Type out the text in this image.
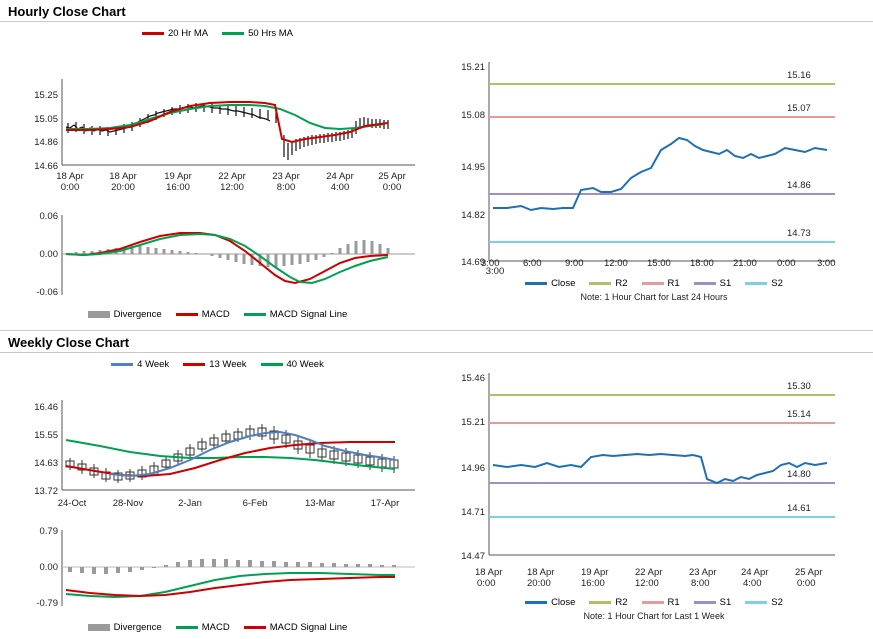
Hourly Close Chart
20 Hr MA	50 Hrs MA
15.25
15.05
14.86
14.66
18 Apr
0:00
18 Apr
20:00
19 Apr
16:00
22 Apr
12:00
23 Apr
8:00
24 Apr
4:00
25 Apr
0:00
0.06
0.00
-0.06
Divergence	MACD	MACD Signal Line
15.21
15.08
14.95
14.82
14.69
15.16
15.07
14.86
14.73
3:00
3:00 6:00 9:00 12:00 15:00 18:00 21:00 0:00 3:00
Close	R2	R1	S1	S2
Note: 1 Hour Chart for Last 24 Hours
Weekly Close Chart
4 Week	13 Week	40 Week
16.46
15.55
14.63
13.72
24-Oct	28-Nov	2-Jan	6-Feb	13-Mar	17-Apr
0.79
0.00
-0.79
Divergence	MACD	MACD Signal Line
15.46
15.21
14.96
14.71
14.47
15.30
15.14
14.80
14.61
18 Apr
0:00
18 Apr
20:00
19 Apr
16:00
22 Apr
12:00
23 Apr
8:00
24 Apr
4:00
25 Apr
0:00
Close	R2	R1	S1	S2
Note: 1 Hour Chart for Last 1 Week
